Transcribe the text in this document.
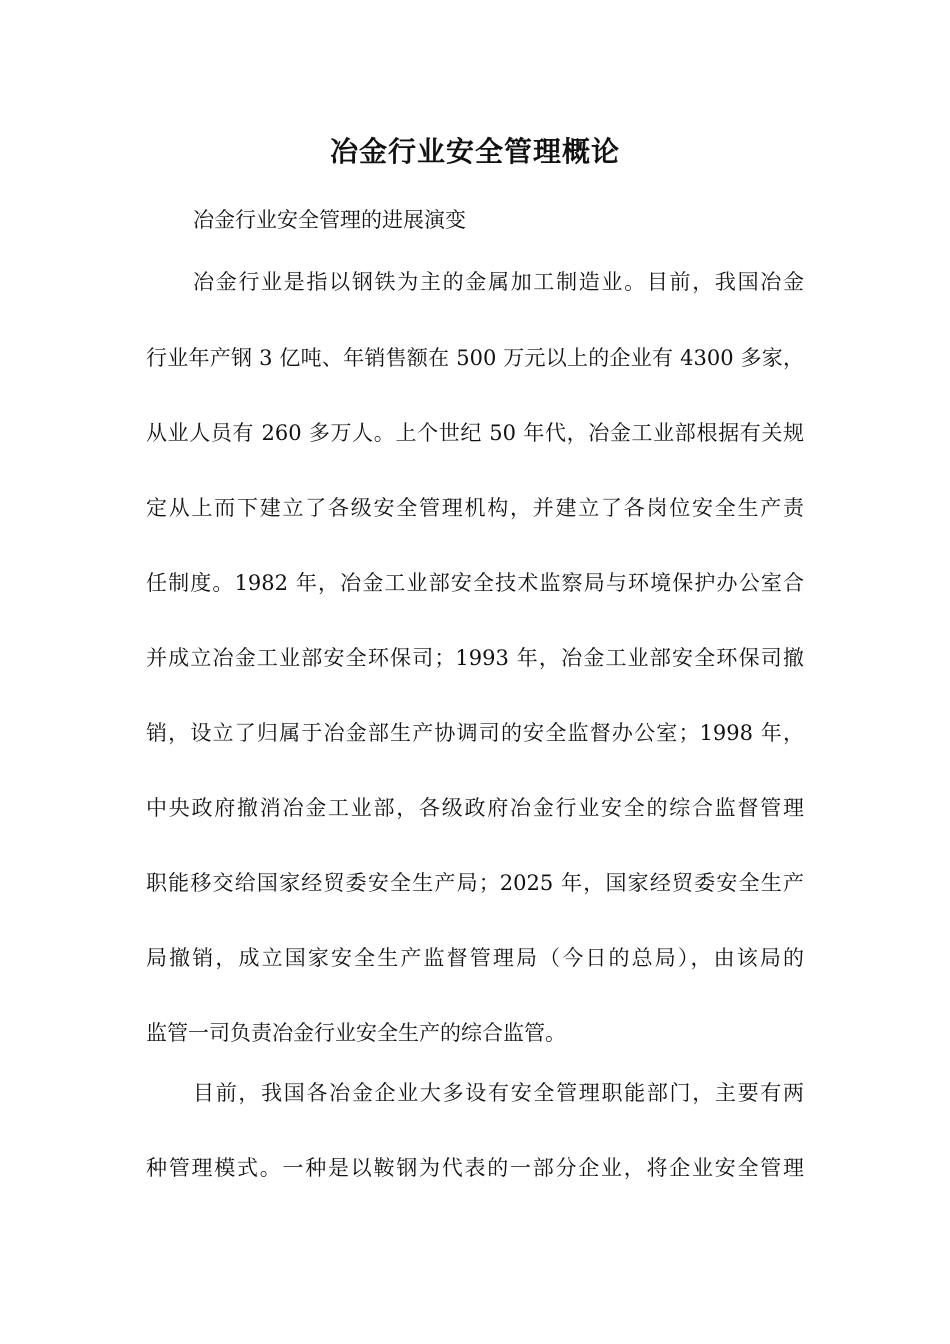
冶金行业安全管理概论

冶金行业安全管理的进展演变

冶金行业是指以钢铁为主的金属加工制造业。目前，我国冶金

行业年产钢 3 亿吨、年销售额在 500 万元以上的企业有 4300 多家，

从业人员有 260 多万人。上个世纪 50 年代，冶金工业部根据有关规

定从上而下建立了各级安全管理机构，并建立了各岗位安全生产责

任制度。1982 年，冶金工业部安全技术监察局与环境保护办公室合

并成立冶金工业部安全环保司；1993 年，冶金工业部安全环保司撤

销，设立了归属于冶金部生产协调司的安全监督办公室；1998 年，

中央政府撤消冶金工业部，各级政府冶金行业安全的综合监督管理

职能移交给国家经贸委安全生产局；2025 年，国家经贸委安全生产

局撤销，成立国家安全生产监督管理局（今日的总局），由该局的

监管一司负责冶金行业安全生产的综合监管。

目前，我国各冶金企业大多设有安全管理职能部门，主要有两

种管理模式。一种是以鞍钢为代表的一部分企业，将企业安全管理
